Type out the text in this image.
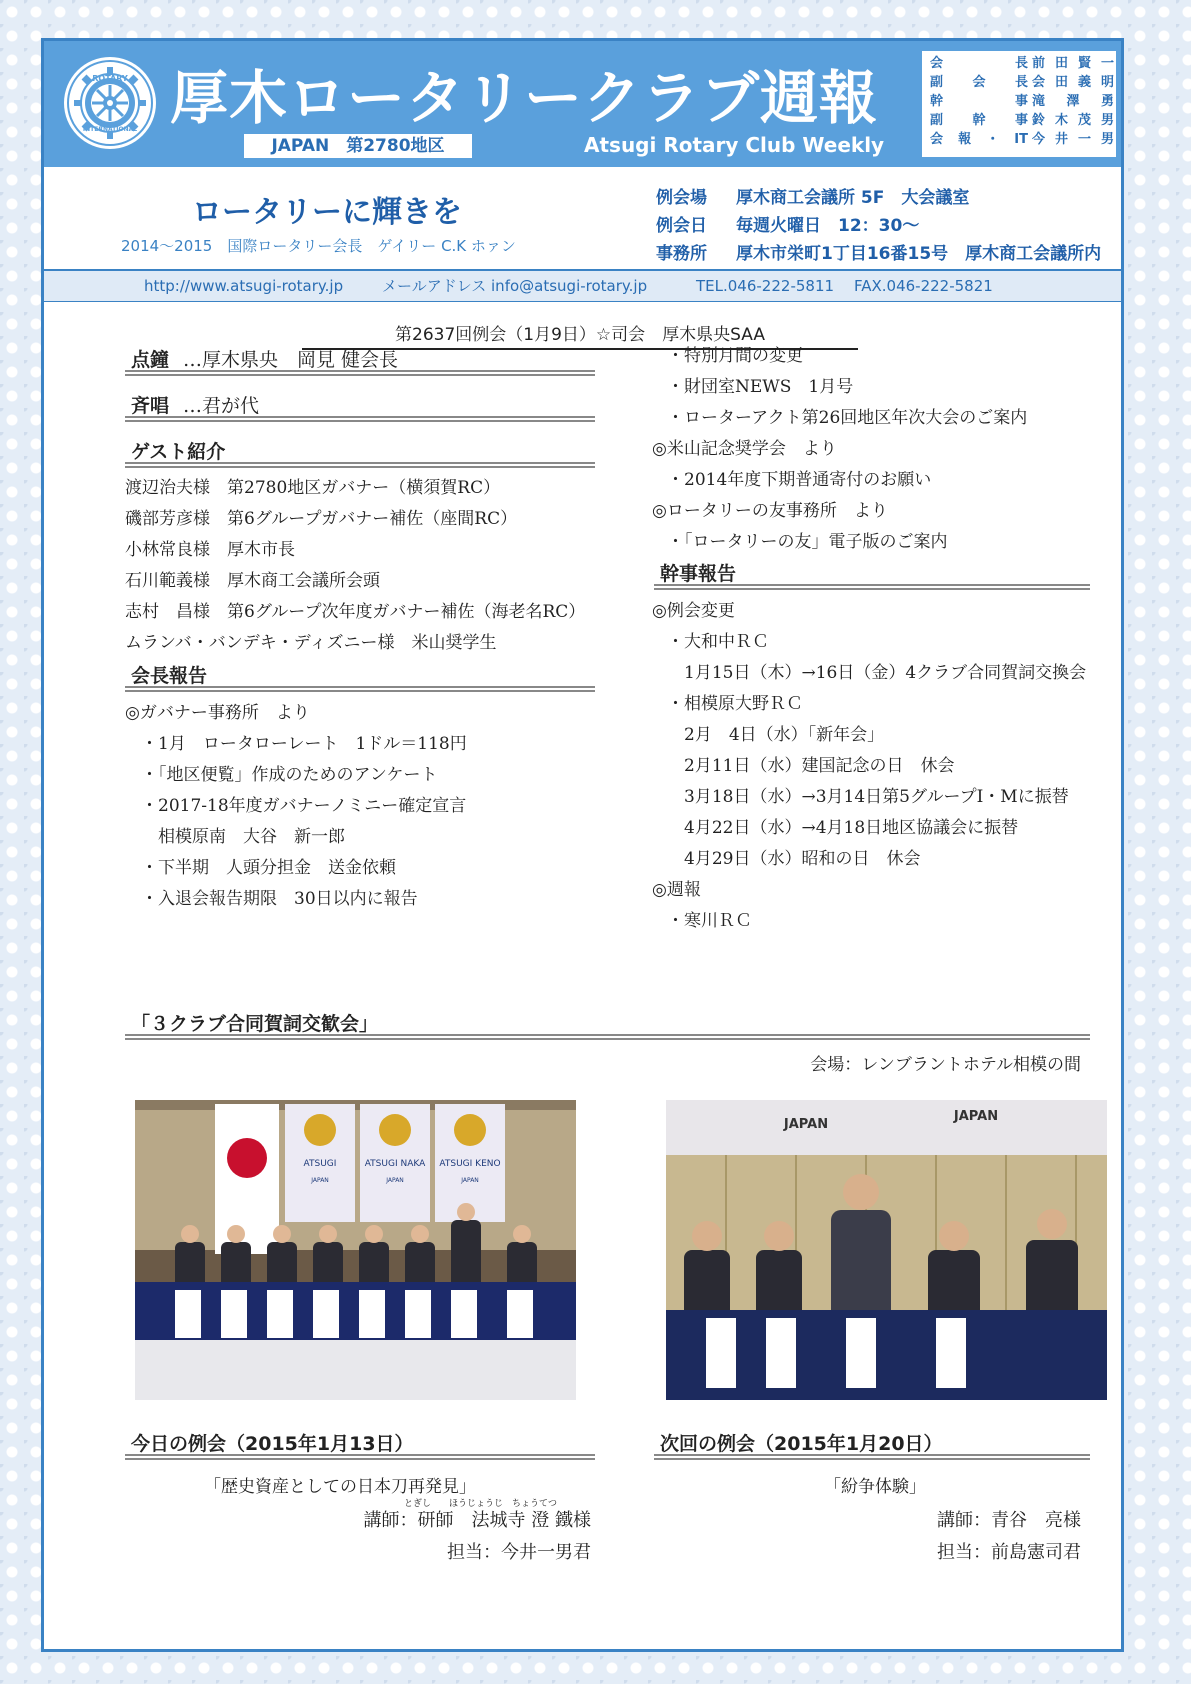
ROTARY
INTERNATIONAL 厚木ロータリークラブ週報
JAPAN　第2780地区	Atsugi Rotary Club Weekly
会長 前田賢一
副会長 会田義明
幹事 滝澤勇
副幹事 鈴木茂男
会報・IT 今井一男
ロータリーに輝きを
2014～2015　国際ロータリー会長　ゲイリー C.K ホァン
例会場 厚木商工会議所 5F　大会議室
例会日 毎週火曜日　12：30～
事務所 厚木市栄町1丁目16番15号　厚木商工会議所内
http://www.atsugi-rotary.jp	メールアドレス info@atsugi-rotary.jp	TEL.046-222-5811 FAX.046-222-5821
第2637回例会（1月9日）☆司会　厚木県央SAA
点鐘 …厚木県央　岡見 健会長
斉唱 …君が代
ゲスト紹介
渡辺治夫様　第2780地区ガバナー（横須賀RC）
磯部芳彦様　第6グループガバナー補佐（座間RC）
小林常良様　厚木市長
石川範義様　厚木商工会議所会頭
志村　昌様　第6グループ次年度ガバナー補佐（海老名RC）
ムランバ・バンデキ・ディズニー様　米山奨学生
会長報告
◎ガバナー事務所　より
・1月　ロータローレート　1ドル＝118円
・「地区便覧」作成のためのアンケート
・2017-18年度ガバナーノミニー確定宣言
　相模原南　大谷　新一郎
・下半期　人頭分担金　送金依頼
・入退会報告期限　30日以内に報告
・特別月間の変更
・財団室NEWS　1月号
・ローターアクト第26回地区年次大会のご案内
◎米山記念奨学会　より
・2014年度下期普通寄付のお願い
◎ロータリーの友事務所　より
・「ロータリーの友」電子版のご案内
幹事報告
◎例会変更
・大和中ＲＣ
　1月15日（木）→16日（金）4クラブ合同賀詞交換会
・相模原大野ＲＣ
　2月　4日（水）「新年会」
　2月11日（水）建国記念の日　休会
　3月18日（水）→3月14日第5グループI・Mに振替
　4月22日（水）→4月18日地区協議会に振替
　4月29日（水）昭和の日　休会
◎週報
・寒川ＲＣ
「３クラブ合同賀詞交歓会」
会場：レンブラントホテル相模の間
ATSUGI	ATSUGI NAKA ATSUGI KENO
JAPAN	JAPAN	JAPAN
JAPAN
JAPAN
今日の例会（2015年1月13日）
「歴史資産としての日本刀再発見」
とぎし　　ほうじょうじ　ちょうてつ
講師：研師　法城寺 澄 鐵様
担当：今井一男君
次回の例会（2015年1月20日）
「紛争体験」
講師：青谷　亮様
担当：前島憲司君
